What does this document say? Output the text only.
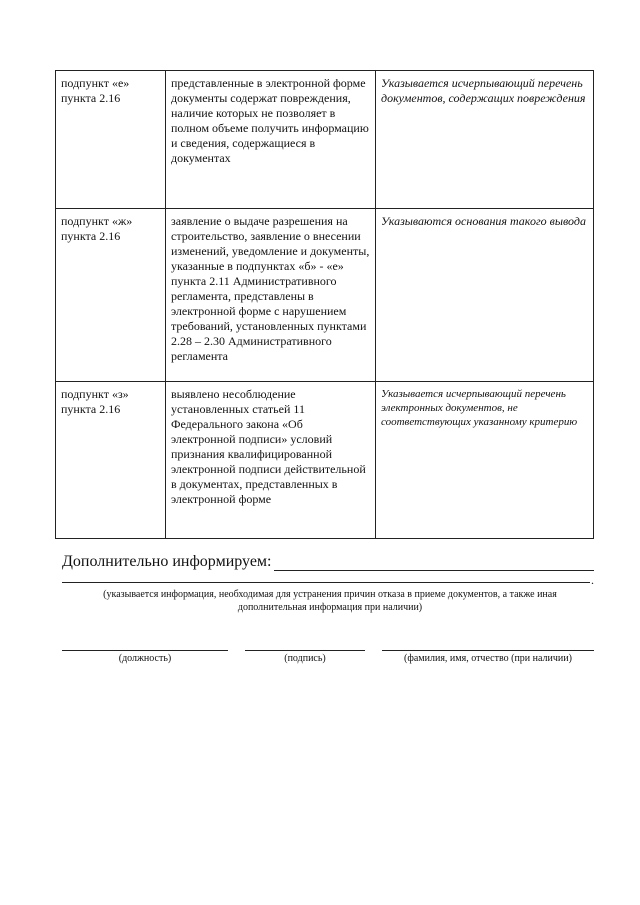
подпункт «е» пункта 2.16	представленные в электронной форме документы содержат повреждения, наличие которых не позволяет в полном объеме получить информацию и сведения, содержащиеся в документах	Указывается исчерпывающий перечень документов, содержащих повреждения
подпункт «ж» пункта 2.16	заявление о выдаче разрешения на строительство, заявление о внесении изменений, уведомление и документы, указанные в подпунктах «б» - «е» пункта 2.11 Административного регламента, представлены в электронной форме с нарушением требований, установленных пунктами 2.28 – 2.30 Административного регламента	Указываются основания такого вывода
подпункт «з» пункта 2.16	выявлено несоблюдение установленных статьей 11 Федерального закона «Об электронной подписи» условий признания квалифицированной электронной подписи действительной в документах, представленных в электронной форме	Указывается исчерпывающий перечень электронных документов, не соответствующих указанному критерию
Дополнительно информируем:
.
(указывается информация, необходимая для устранения причин отказа в приеме документов, а также иная дополнительная информация при наличии)
(должность)	(подпись)	(фамилия, имя, отчество (при наличии)
